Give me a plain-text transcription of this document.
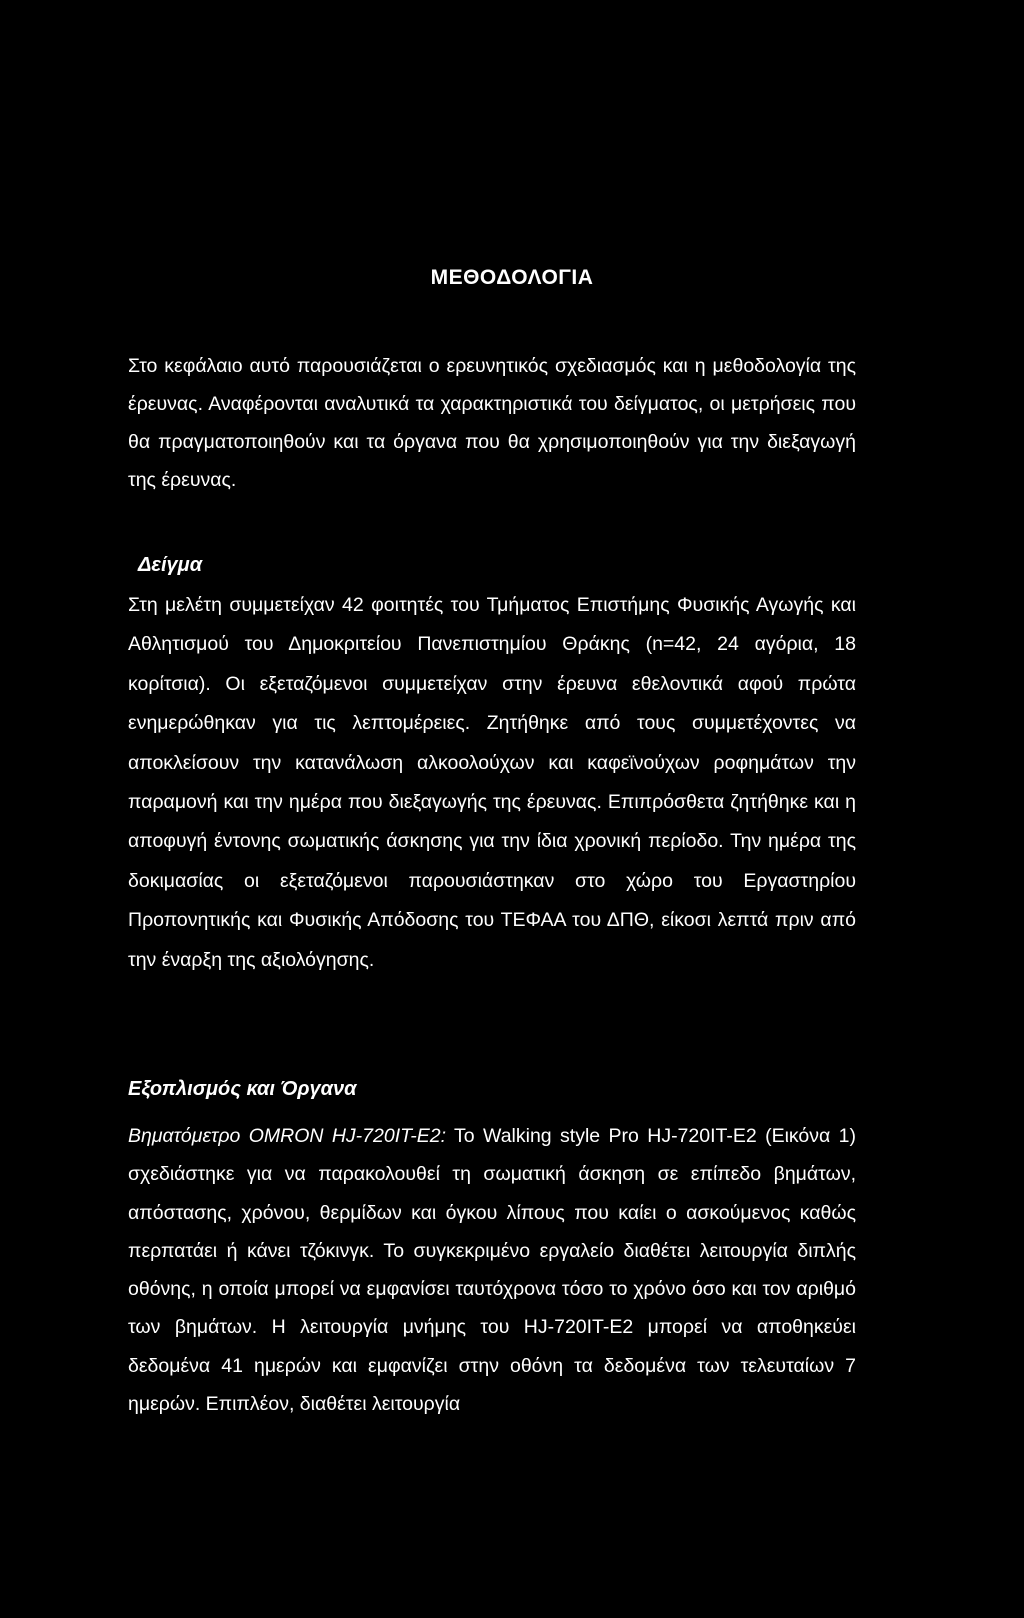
ΜΕΘΟΔΟΛΟΓΙΑ

Στο κεφάλαιο αυτό παρουσιάζεται ο ερευνητικός σχεδιασμός και η μεθοδολογία της έρευνας. Αναφέρονται αναλυτικά τα χαρακτηριστικά του δείγματος, οι μετρήσεις που θα πραγματοποιηθούν και τα όργανα που θα χρησιμοποιηθούν για την διεξαγωγή της έρευνας.

Δείγμα

Στη μελέτη συμμετείχαν 42 φοιτητές του Τμήματος Επιστήμης Φυσικής Αγωγής και Αθλητισμού του Δημοκριτείου Πανεπιστημίου Θράκης (n=42, 24 αγόρια, 18 κορίτσια). Οι εξεταζόμενοι συμμετείχαν στην έρευνα εθελοντικά αφού πρώτα ενημερώθηκαν για τις λεπτομέρειες. Ζητήθηκε από τους συμμετέχοντες να αποκλείσουν την κατανάλωση αλκοολούχων και καφεϊνούχων ροφημάτων την παραμονή και την ημέρα που διεξαγωγής της έρευνας. Επιπρόσθετα ζητήθηκε και η αποφυγή έντονης σωματικής άσκησης για την ίδια χρονική περίοδο. Την ημέρα της δοκιμασίας οι εξεταζόμενοι παρουσιάστηκαν στο χώρο του Εργαστηρίου Προπονητικής και Φυσικής Απόδοσης του ΤΕΦΑΑ του ΔΠΘ, είκοσι λεπτά πριν από την έναρξη της αξιολόγησης.

Εξοπλισμός και Όργανα

Βηματόμετρο OMRON HJ-720IT-E2: To Walking style Pro HJ-720IT-E2 (Εικόνα 1) σχεδιάστηκε για να παρακολουθεί τη σωματική άσκηση σε επίπεδο βημάτων, απόστασης, χρόνου, θερμίδων και όγκου λίπους που καίει ο ασκούμενος καθώς περπατάει ή κάνει τζόκινγκ. Το συγκεκριμένο εργαλείο διαθέτει λειτουργία διπλής οθόνης, η οποία μπορεί να εμφανίσει ταυτόχρονα τόσο το χρόνο όσο και τον αριθμό των βημάτων. Η λειτουργία μνήμης του HJ-720IT-E2 μπορεί να αποθηκεύει δεδομένα 41 ημερών και εμφανίζει στην οθόνη τα δεδομένα των τελευταίων 7 ημερών. Επιπλέον, διαθέτει λειτουργία
